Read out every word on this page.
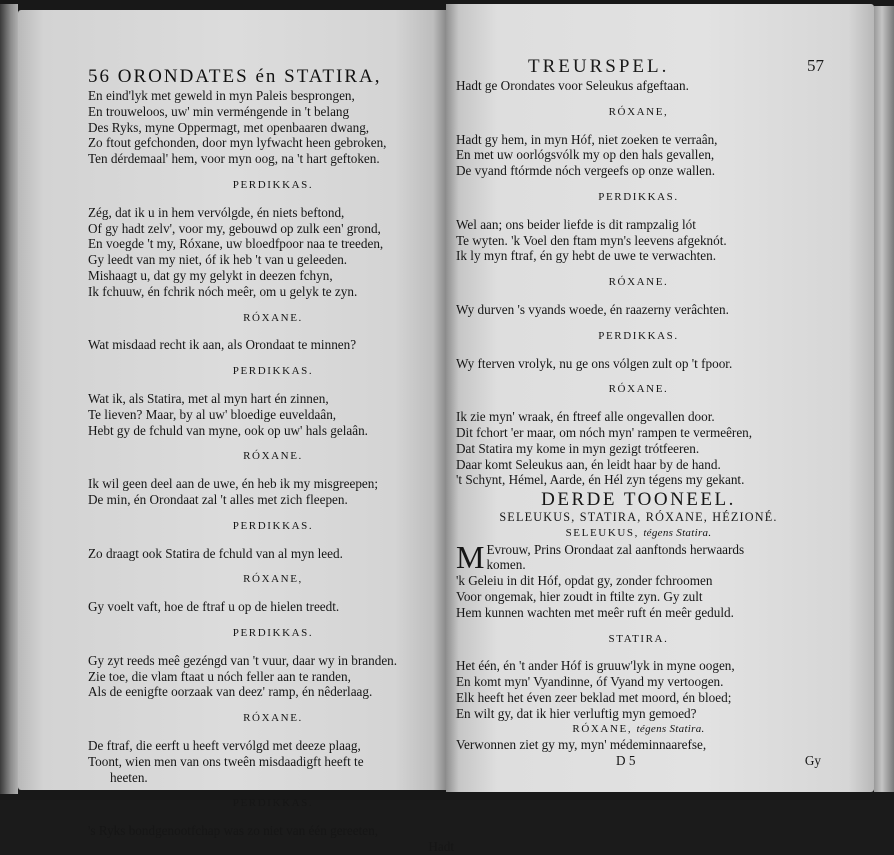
56 ORONDATES én STATIRA,

En eind'lyk met geweld in myn Paleis besprongen,

En trouweloos, uw' min verméngende in 't belang

Des Ryks, myne Oppermagt, met openbaaren dwang,

Zo ftout gefchonden, door myn lyfwacht heen gebroken,

Ten dérdemaal' hem, voor myn oog, na 't hart geftoken.

PERDIKKAS.

Zég, dat ik u in hem vervólgde, én niets beftond,

Of gy hadt zelv', voor my, gebouwd op zulk een' grond,

En voegde 't my, Róxane, uw bloedfpoor naa te treeden,

Gy leedt van my niet, óf ik heb 't van u geleeden.

Mishaagt u, dat gy my gelykt in deezen fchyn,

Ik fchuuw, én fchrik nóch meêr, om u gelyk te zyn.

RÓXANE.

Wat misdaad recht ik aan, als Orondaat te minnen?

PERDIKKAS.

Wat ik, als Statira, met al myn hart én zinnen,

Te lieven? Maar, by al uw' bloedige euveldaân,

Hebt gy de fchuld van myne, ook op uw' hals gelaân.

RÓXANE.

Ik wil geen deel aan de uwe, én heb ik my misgreepen;

De min, én Orondaat zal 't alles met zich fleepen.

PERDIKKAS.

Zo draagt ook Statira de fchuld van al myn leed.

RÓXANE,

Gy voelt vaft, hoe de ftraf u op de hielen treedt.

PERDIKKAS.

Gy zyt reeds meê gezéngd van 't vuur, daar wy in branden.

Zie toe, die vlam ftaat u nóch feller aan te randen,

Als de eenigfte oorzaak van deez' ramp, én nêderlaag.

RÓXANE.

De ftraf, die eerft u heeft vervólgd met deeze plaag,

Toont, wien men van ons tweên misdaadigft heeft te

heeten.

PERDIKKAS.

's Ryks bondgenootfchap was zo niet van één gereeten,

Hadt

TREURSPEL.	57

Hadt ge Orondates voor Seleukus afgeftaan.

RÓXANE,

Hadt gy hem, in myn Hóf, niet zoeken te verraân,

En met uw oorlógsvólk my op den hals gevallen,

De vyand ftórmde nóch vergeefs op onze wallen.

PERDIKKAS.

Wel aan; ons beider liefde is dit rampzalig lót

Te wyten. 'k Voel den ftam myn's leevens afgeknót.

Ik ly myn ftraf, én gy hebt de uwe te verwachten.

RÓXANE.

Wy durven 's vyands woede, én raazerny verâchten.

PERDIKKAS.

Wy fterven vrolyk, nu ge ons vólgen zult op 't fpoor.

RÓXANE.

Ik zie myn' wraak, én ftreef alle ongevallen door.

Dit fchort 'er maar, om nóch myn' rampen te vermeêren,

Dat Statira my kome in myn gezigt trótfeeren.

Daar komt Seleukus aan, én leidt haar by de hand.

't Schynt, Hémel, Aarde, én Hél zyn tégens my gekant.

DERDE TOONEEL.
SELEUKUS, STATIRA, RÓXANE, HÉZIONÉ.
SELEUKUS, tégens Statira.
M Evrouw, Prins Orondaat zal aanftonds herwaards

komen.

'k Geleiu in dit Hóf, opdat gy, zonder fchroomen

Voor ongemak, hier zoudt in ftilte zyn. Gy zult

Hem kunnen wachten met meêr ruft én meêr geduld.

STATIRA.

Het één, én 't ander Hóf is gruuw'lyk in myne oogen,

En komt myn' Vyandinne, óf Vyand my vertoogen.

Elk heeft het éven zeer beklad met moord, én bloed;

En wilt gy, dat ik hier verluftig myn gemoed?

RÓXANE, tégens Statira.

Verwonnen ziet gy my, myn' médeminnaarefse,

D 5	Gy
